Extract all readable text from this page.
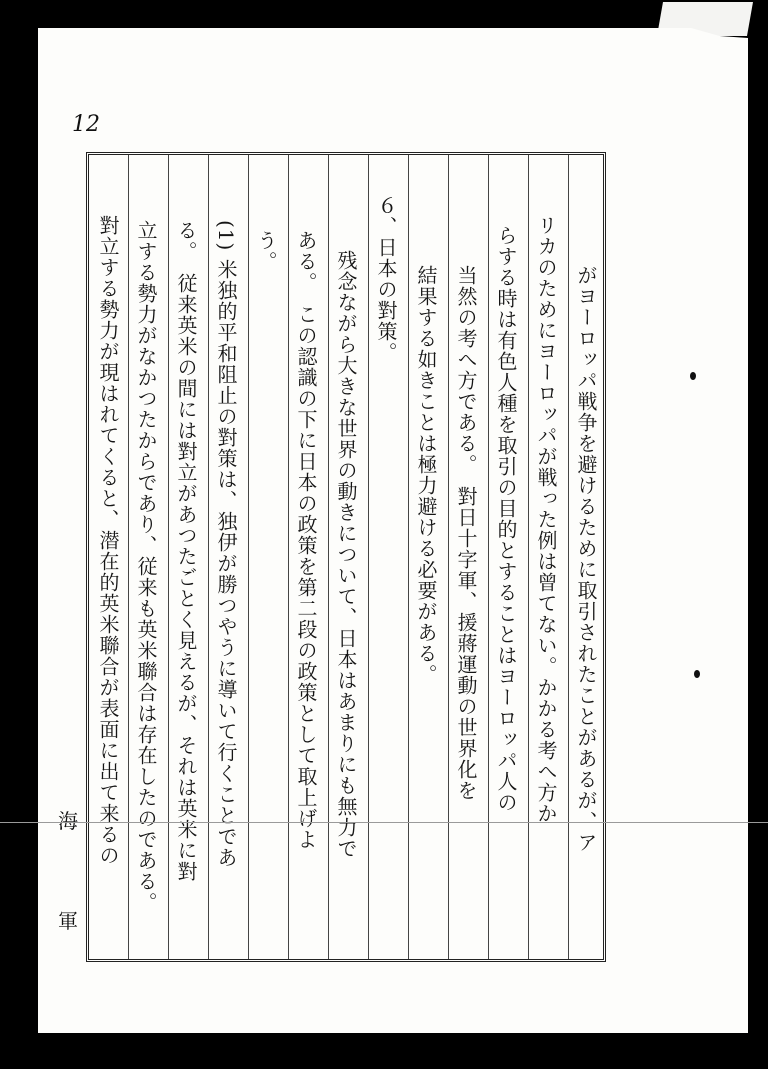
12
がヨーロッパ戦争を避けるために取引されたことがあるが、ア
リカのためにヨーロッパが戦った例は曾てない。かかる考へ方か
らする時は有色人種を取引の目的とすることはヨーロッパ人の
当然の考へ方である。　對日十字軍、援蔣運動の世界化を
結果する如きことは極力避ける必要がある。
６、日本の對策。
残念ながら大きな世界の動きについて、日本はあまりにも無力で
ある。　この認識の下に日本の政策を第二段の政策として取上げよ
う。
(1) 米独的平和阻止の對策は、独伊が勝つやうに導いて行くことであ
る。　従来英米の間には對立があつたごとく見えるが、それは英米に對
立する勢力がなかつたからであり、従来も英米聯合は存在したのである。
對立する勢力が現はれてくると、潜在的英米聯合が表面に出て来るの
海
軍
